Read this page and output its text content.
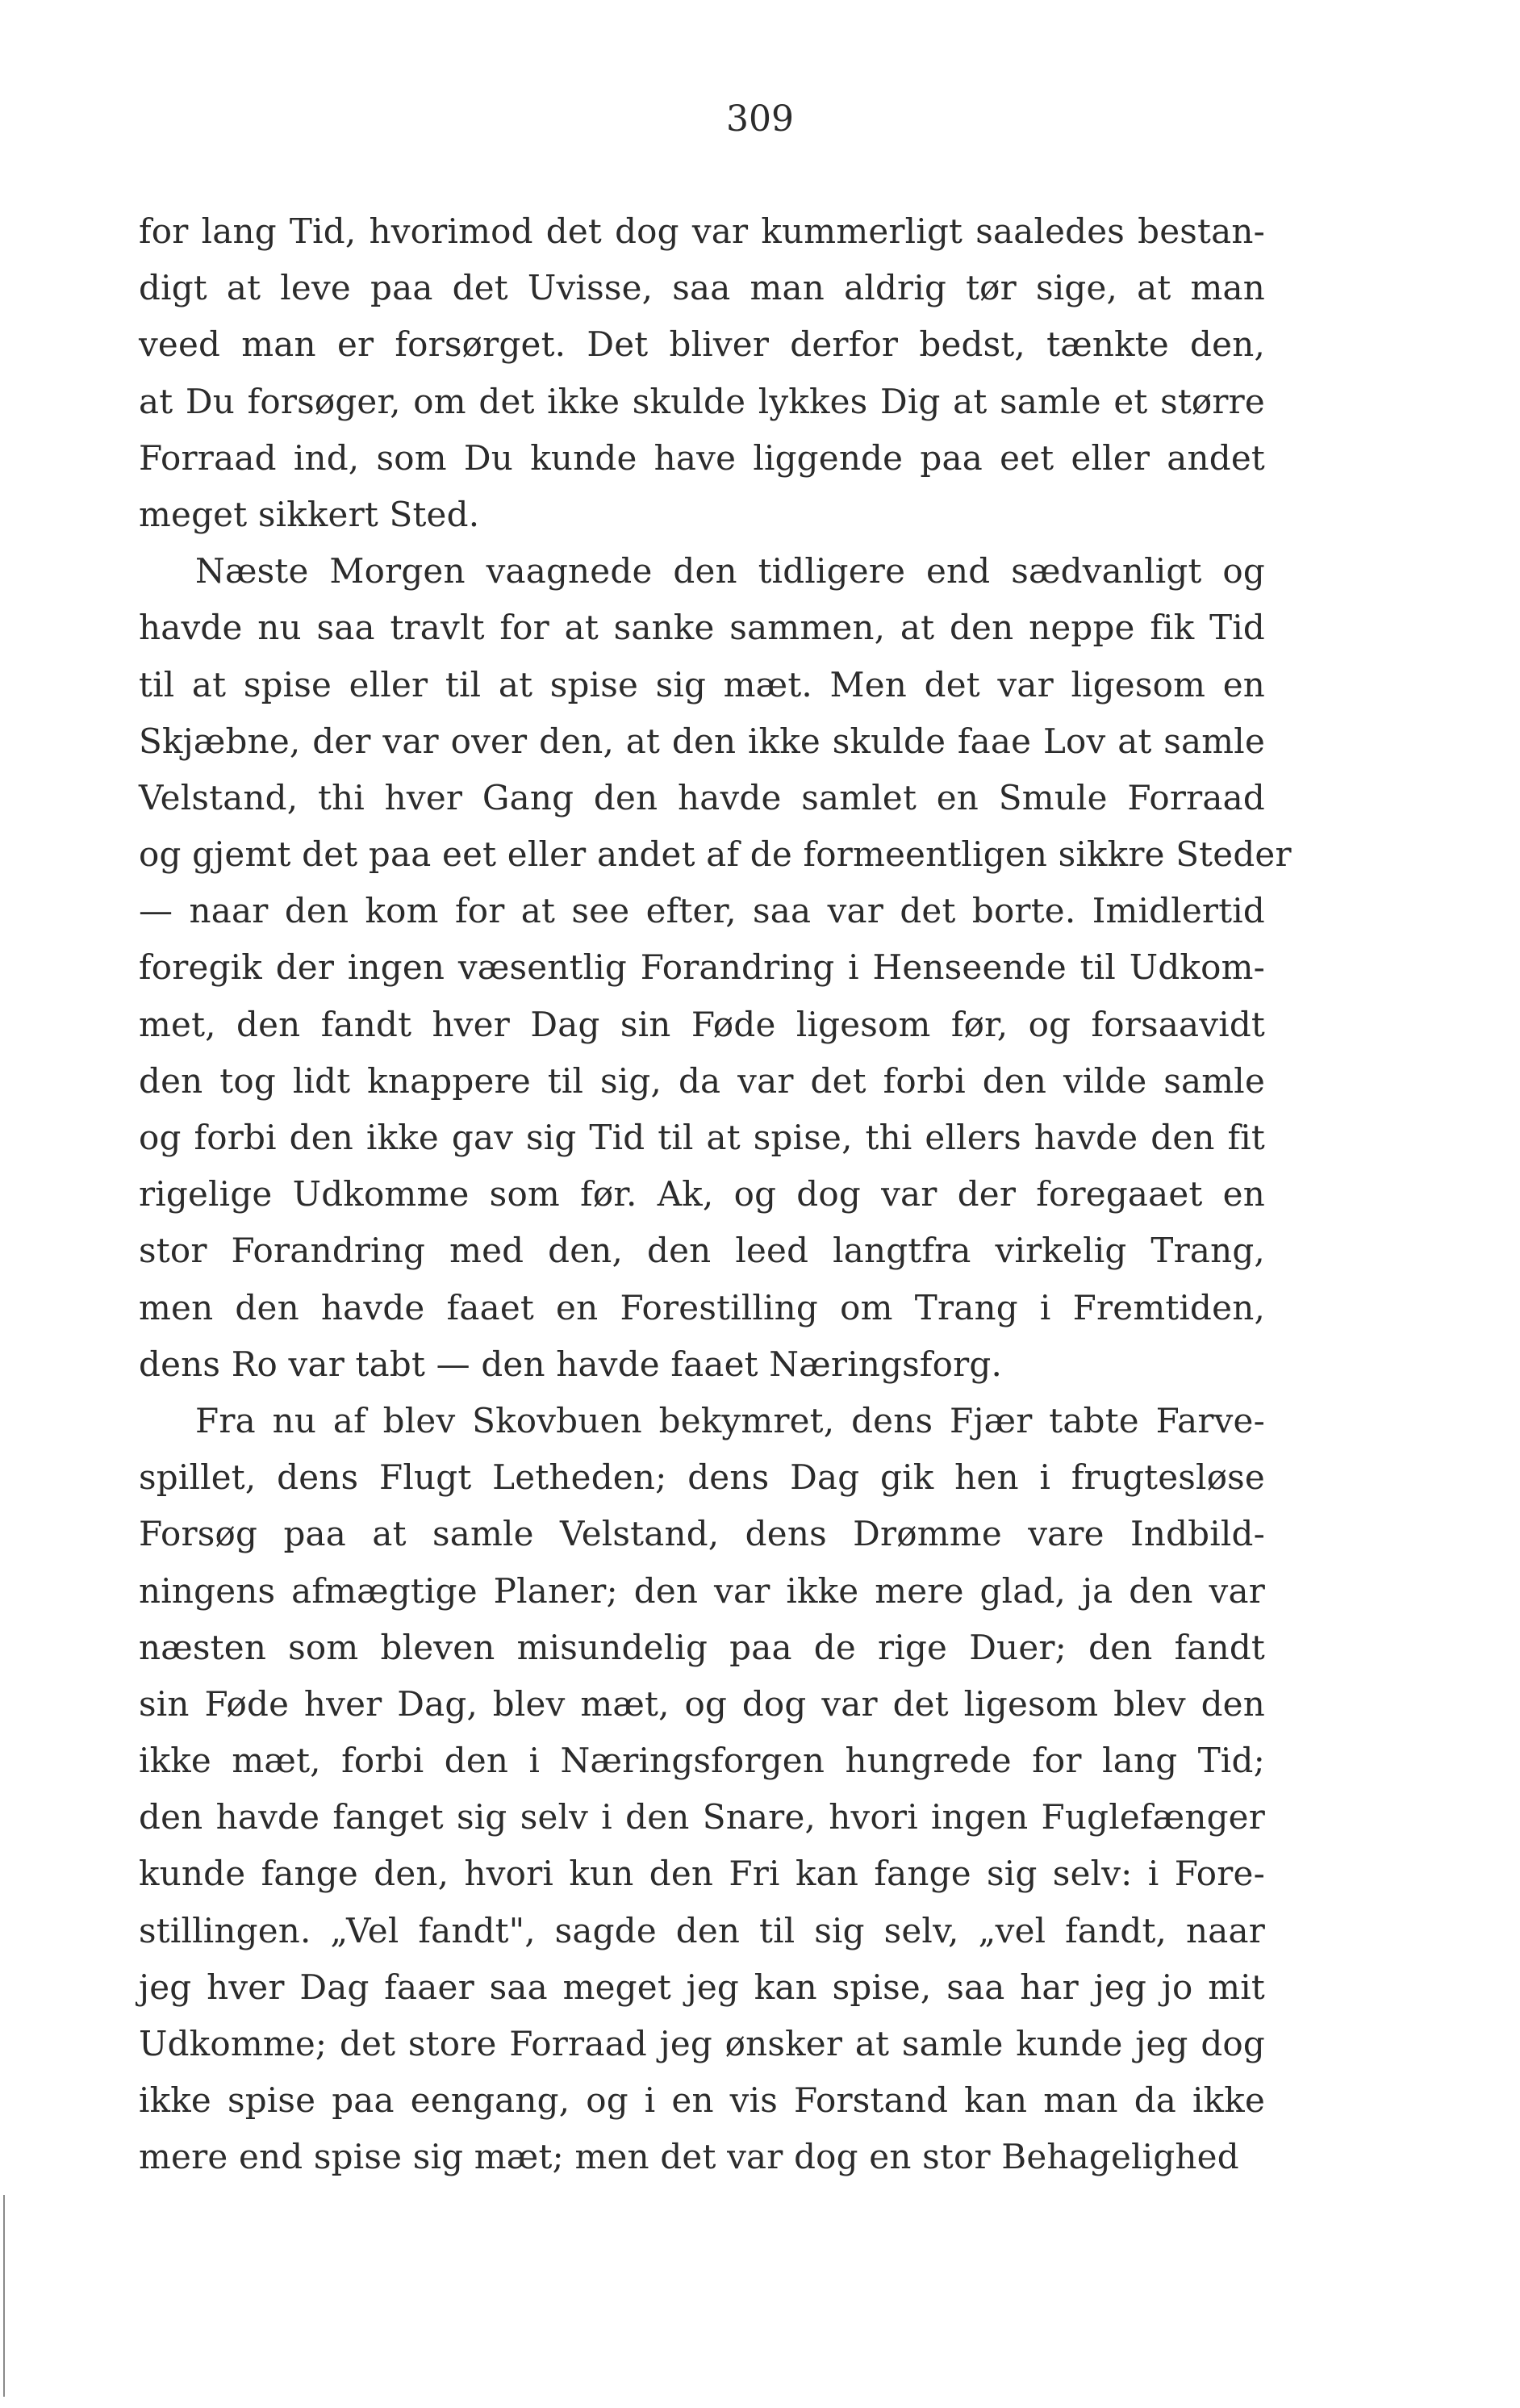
309
for lang Tid, hvorimod det dog var kummerligt saaledes bestan-
digt at leve paa det Uvisse, saa man aldrig tør sige, at man
veed man er forsørget. Det bliver derfor bedst, tænkte den,
at Du forsøger, om det ikke skulde lykkes Dig at samle et større
Forraad ind, som Du kunde have liggende paa eet eller andet
meget sikkert Sted.
Næste Morgen vaagnede den tidligere end sædvanligt og
havde nu saa travlt for at sanke sammen, at den neppe fik Tid
til at spise eller til at spise sig mæt. Men det var ligesom en
Skjæbne, der var over den, at den ikke skulde faae Lov at samle
Velstand, thi hver Gang den havde samlet en Smule Forraad
og gjemt det paa eet eller andet af de formeentligen sikkre Steder
— naar den kom for at see efter, saa var det borte. Imidlertid
foregik der ingen væsentlig Forandring i Henseende til Udkom-
met, den fandt hver Dag sin Føde ligesom før, og forsaavidt
den tog lidt knappere til sig, da var det forbi den vilde samle
og forbi den ikke gav sig Tid til at spise, thi ellers havde den fit
rigelige Udkomme som før. Ak, og dog var der foregaaet en
stor Forandring med den, den leed langtfra virkelig Trang,
men den havde faaet en Forestilling om Trang i Fremtiden,
dens Ro var tabt — den havde faaet Næringsforg.
Fra nu af blev Skovbuen bekymret, dens Fjær tabte Farve-
spillet, dens Flugt Letheden; dens Dag gik hen i frugtesløse
Forsøg paa at samle Velstand, dens Drømme vare Indbild-
ningens afmægtige Planer; den var ikke mere glad, ja den var
næsten som bleven misundelig paa de rige Duer; den fandt
sin Føde hver Dag, blev mæt, og dog var det ligesom blev den
ikke mæt, forbi den i Næringsforgen hungrede for lang Tid;
den havde fanget sig selv i den Snare, hvori ingen Fuglefænger
kunde fange den, hvori kun den Fri kan fange sig selv: i Fore-
stillingen. „Vel fandt", sagde den til sig selv, „vel fandt, naar
jeg hver Dag faaer saa meget jeg kan spise, saa har jeg jo mit
Udkomme; det store Forraad jeg ønsker at samle kunde jeg dog
ikke spise paa eengang, og i en vis Forstand kan man da ikke
mere end spise sig mæt; men det var dog en stor Behagelighed
